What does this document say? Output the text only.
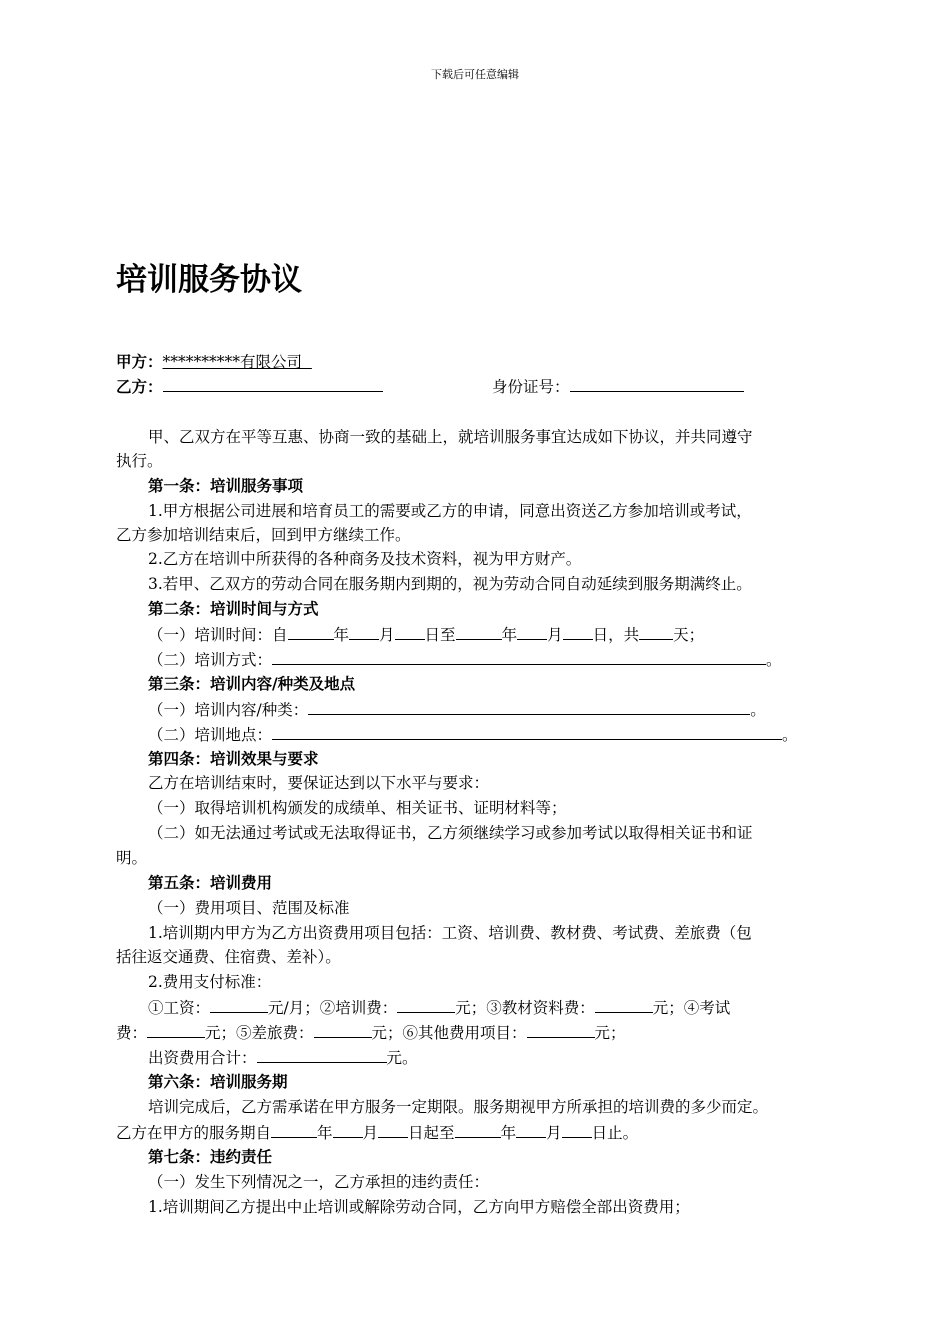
下载后可任意编辑
培训服务协议
甲方：**********有限公司
乙方：	身份证号：
甲、乙双方在平等互惠、协商一致的基础上，就培训服务事宜达成如下协议，并共同遵守
执行。
第一条：培训服务事项
1.甲方根据公司进展和培育员工的需要或乙方的申请，同意出资送乙方参加培训或考试，
乙方参加培训结束后，回到甲方继续工作。
2.乙方在培训中所获得的各种商务及技术资料，视为甲方财产。
3.若甲、乙双方的劳动合同在服务期内到期的，视为劳动合同自动延续到服务期满终止。
第二条：培训时间与方式
（一）培训时间：自	年 月 日至	年 月 日，共 天；
（二）培训方式：	。
第三条：培训内容/种类及地点
（一）培训内容/种类：	。
（二）培训地点：	。
第四条：培训效果与要求
乙方在培训结束时，要保证达到以下水平与要求：
（一）取得培训机构颁发的成绩单、相关证书、证明材料等；
（二）如无法通过考试或无法取得证书，乙方须继续学习或参加考试以取得相关证书和证
明。
第五条：培训费用
（一）费用项目、范围及标准
1.培训期内甲方为乙方出资费用项目包括：工资、培训费、教材费、考试费、差旅费（包
括往返交通费、住宿费、差补）。
2.费用支付标准：
①工资：	元/月；②培训费：	元；③教材资料费：	元；④考试
费：	元；⑤差旅费：	元；⑥其他费用项目：	元；
出资费用合计：	元。
第六条：培训服务期
培训完成后，乙方需承诺在甲方服务一定期限。服务期视甲方所承担的培训费的多少而定。
乙方在甲方的服务期自	年 月 日起至	年 月 日止。
第七条：违约责任
（一）发生下列情况之一，乙方承担的违约责任：
1.培训期间乙方提出中止培训或解除劳动合同，乙方向甲方赔偿全部出资费用；
